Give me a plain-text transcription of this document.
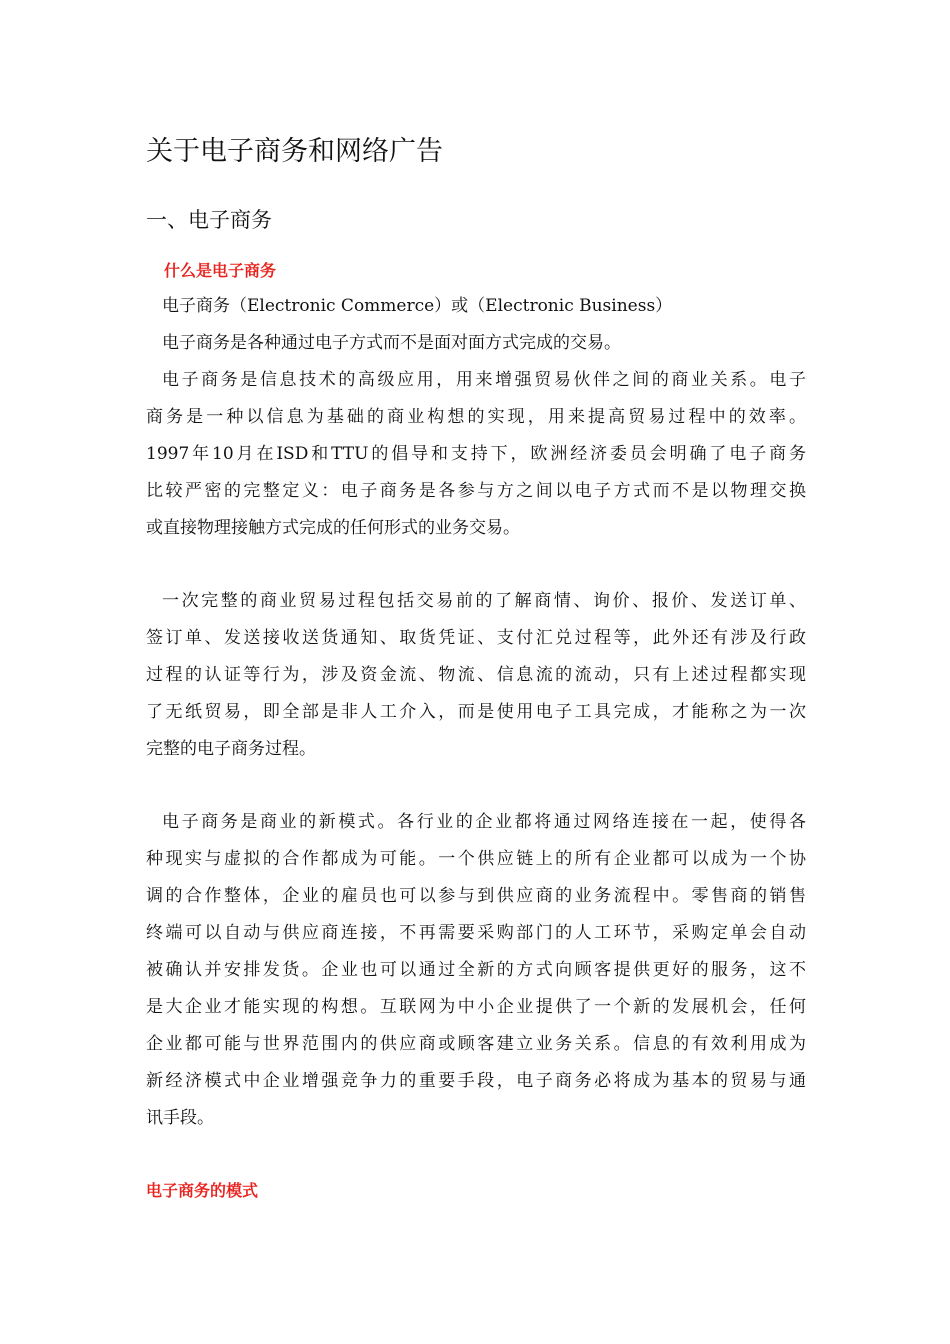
关于电子商务和网络广告
一、电子商务
什么是电子商务

电子商务（Electronic Commerce）或（Electronic Business）

电子商务是各种通过电子方式而不是面对面方式完成的交易。

电子商务是信息技术的高级应用，用来增强贸易伙伴之间的商业关系。电子

商务是一种以信息为基础的商业构想的实现，用来提高贸易过程中的效率。

1997年10月在ISD和TTU的倡导和支持下，欧洲经济委员会明确了电子商务

比较严密的完整定义：电子商务是各参与方之间以电子方式而不是以物理交换

或直接物理接触方式完成的任何形式的业务交易。

一次完整的商业贸易过程包括交易前的了解商情、询价、报价、发送订单、

签订单、发送接收送货通知、取货凭证、支付汇兑过程等，此外还有涉及行政

过程的认证等行为，涉及资金流、物流、信息流的流动，只有上述过程都实现

了无纸贸易，即全部是非人工介入，而是使用电子工具完成，才能称之为一次

完整的电子商务过程。

电子商务是商业的新模式。各行业的企业都将通过网络连接在一起，使得各

种现实与虚拟的合作都成为可能。一个供应链上的所有企业都可以成为一个协

调的合作整体，企业的雇员也可以参与到供应商的业务流程中。零售商的销售

终端可以自动与供应商连接，不再需要采购部门的人工环节，采购定单会自动

被确认并安排发货。企业也可以通过全新的方式向顾客提供更好的服务，这不

是大企业才能实现的构想。互联网为中小企业提供了一个新的发展机会，任何

企业都可能与世界范围内的供应商或顾客建立业务关系。信息的有效利用成为

新经济模式中企业增强竞争力的重要手段，电子商务必将成为基本的贸易与通

讯手段。

电子商务的模式
